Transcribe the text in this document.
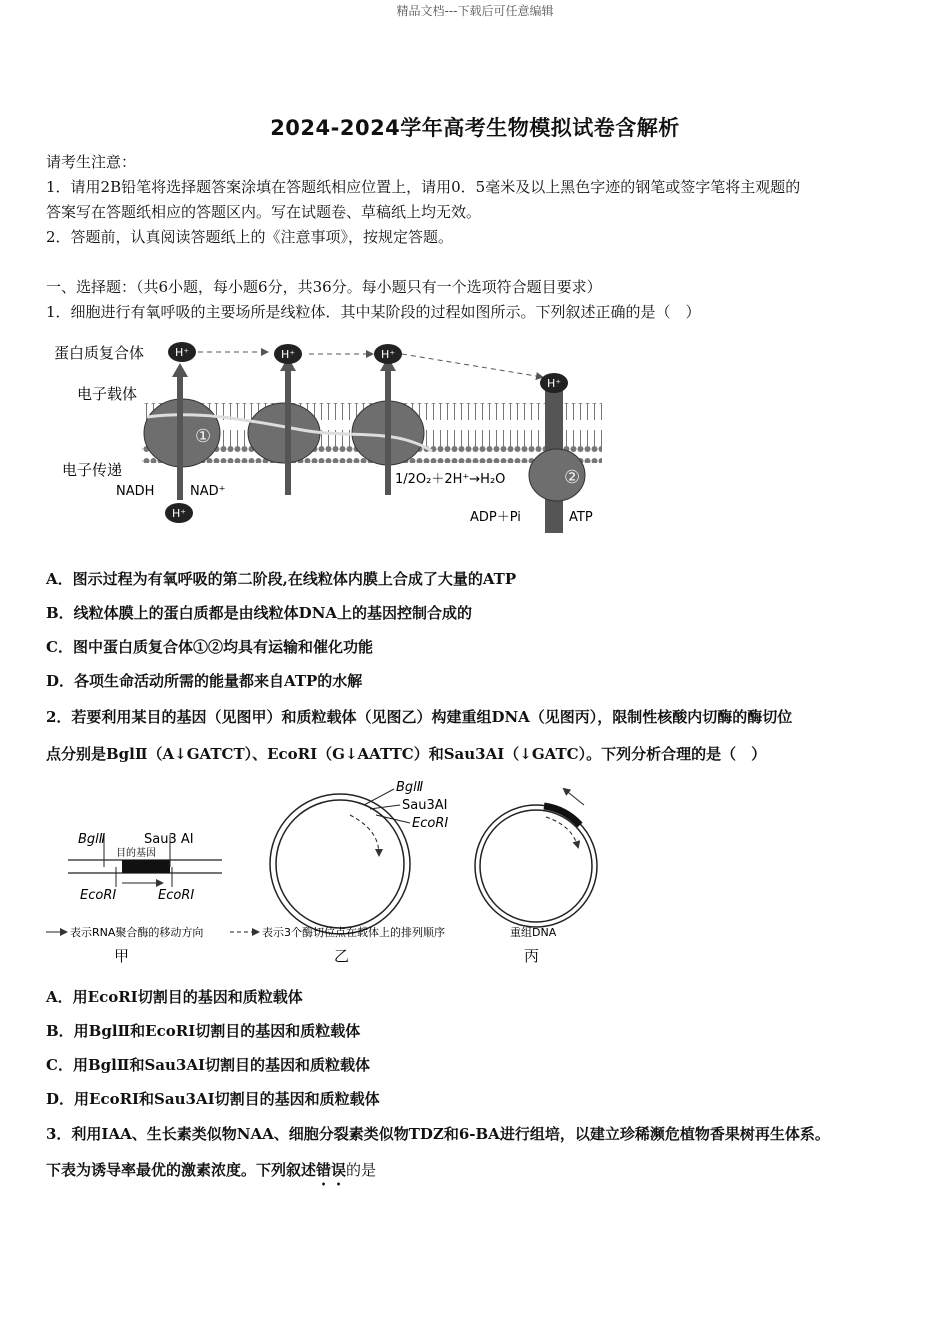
精品文档---下载后可任意编辑
2024-2024学年高考生物模拟试卷含解析
请考生注意：
1．请用2B铅笔将选择题答案涂填在答题纸相应位置上，请用0．5毫米及以上黑色字迹的钢笔或签字笔将主观题的
答案写在答题纸相应的答题区内。写在试题卷、草稿纸上均无效。
2．答题前，认真阅读答题纸上的《注意事项》，按规定答题。
一、选择题：（共6小题，每小题6分，共36分。每小题只有一个选项符合题目要求）
1．细胞进行有氧呼吸的主要场所是线粒体．其中某阶段的过程如图所示。下列叙述正确的是（　）
H⁺	H⁺	H⁺
H⁺
H⁺
蛋白质复合体
电子载体
电子传递
NADH	NAD⁺
①
②
1/2O₂＋2H⁺→H₂O
ADP＋Pi	ATP
A．图示过程为有氧呼吸的第二阶段,在线粒体内膜上合成了大量的ATP
B．线粒体膜上的蛋白质都是由线粒体DNA上的基因控制合成的
C．图中蛋白质复合体①②均具有运输和催化功能
D．各项生命活动所需的能量都来自ATP的水解
2．若要利用某目的基因（见图甲）和质粒载体（见图乙）构建重组DNA（见图丙），限制性核酸内切酶的酶切位
点分别是BglⅡ（A↓GATCT）、EcoRⅠ（G↓AATTC）和Sau3AⅠ（↓GATC）。下列分析合理的是（　）
BglⅡ	Sau3 AⅠ
目的基因
EcoRⅠ	EcoRⅠ
BglⅡ
Sau3AⅠ
EcoRⅠ
表示RNA聚合酶的移动方向	表示3个酶切位点在载体上的排列顺序	重组DNA
甲	乙	丙
A．用EcoRⅠ切割目的基因和质粒载体
B．用BglⅡ和EcoRⅠ切割目的基因和质粒载体
C．用BglⅡ和Sau3AⅠ切割目的基因和质粒载体
D．用EcoRⅠ和Sau3AⅠ切割目的基因和质粒载体
3．利用IAA、生长素类似物NAA、细胞分裂素类似物TDZ和6-BA进行组培，以建立珍稀濒危植物香果树再生体系。
下表为诱导率最优的激素浓度。下列叙述错误的是
